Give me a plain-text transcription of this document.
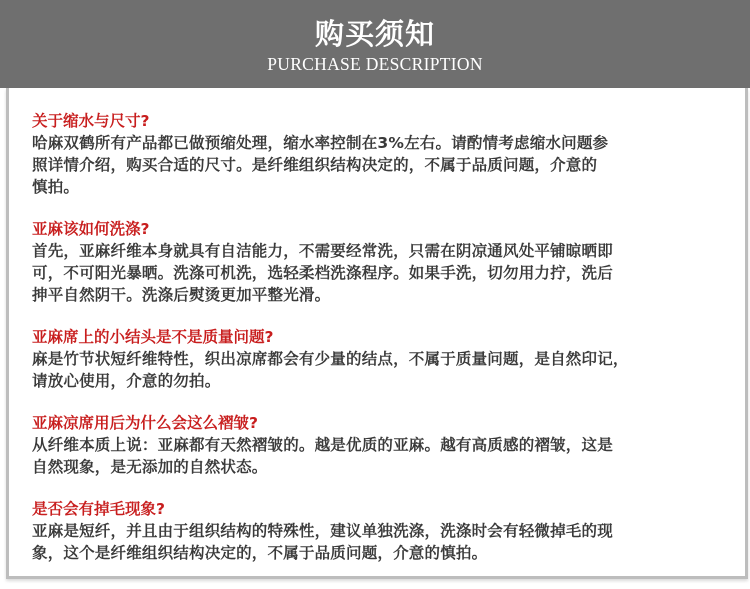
购买须知
PURCHASE DESCRIPTION
关于缩水与尺寸?
哈麻双鹤所有产品都已做预缩处理，缩水率控制在3%左右。请酌情考虑缩水问题参
照详情介绍，购买合适的尺寸。是纤维组织结构决定的，不属于品质问题，介意的
慎拍。
亚麻该如何洗涤?
首先，亚麻纤维本身就具有自洁能力，不需要经常洗，只需在阴凉通风处平铺晾晒即
可，不可阳光暴晒。洗涤可机洗，选轻柔档洗涤程序。如果手洗，切勿用力拧，洗后
抻平自然阴干。洗涤后熨烫更加平整光滑。
亚麻席上的小结头是不是质量问题?
麻是竹节状短纤维特性，织出凉席都会有少量的结点，不属于质量问题，是自然印记，
请放心使用，介意的勿拍。
亚麻凉席用后为什么会这么褶皱?
从纤维本质上说：亚麻都有天然褶皱的。越是优质的亚麻。越有高质感的褶皱，这是
自然现象，是无添加的自然状态。
是否会有掉毛现象?
亚麻是短纤，并且由于组织结构的特殊性，建议单独洗涤，洗涤时会有轻微掉毛的现
象，这个是纤维组织结构决定的，不属于品质问题，介意的慎拍。
